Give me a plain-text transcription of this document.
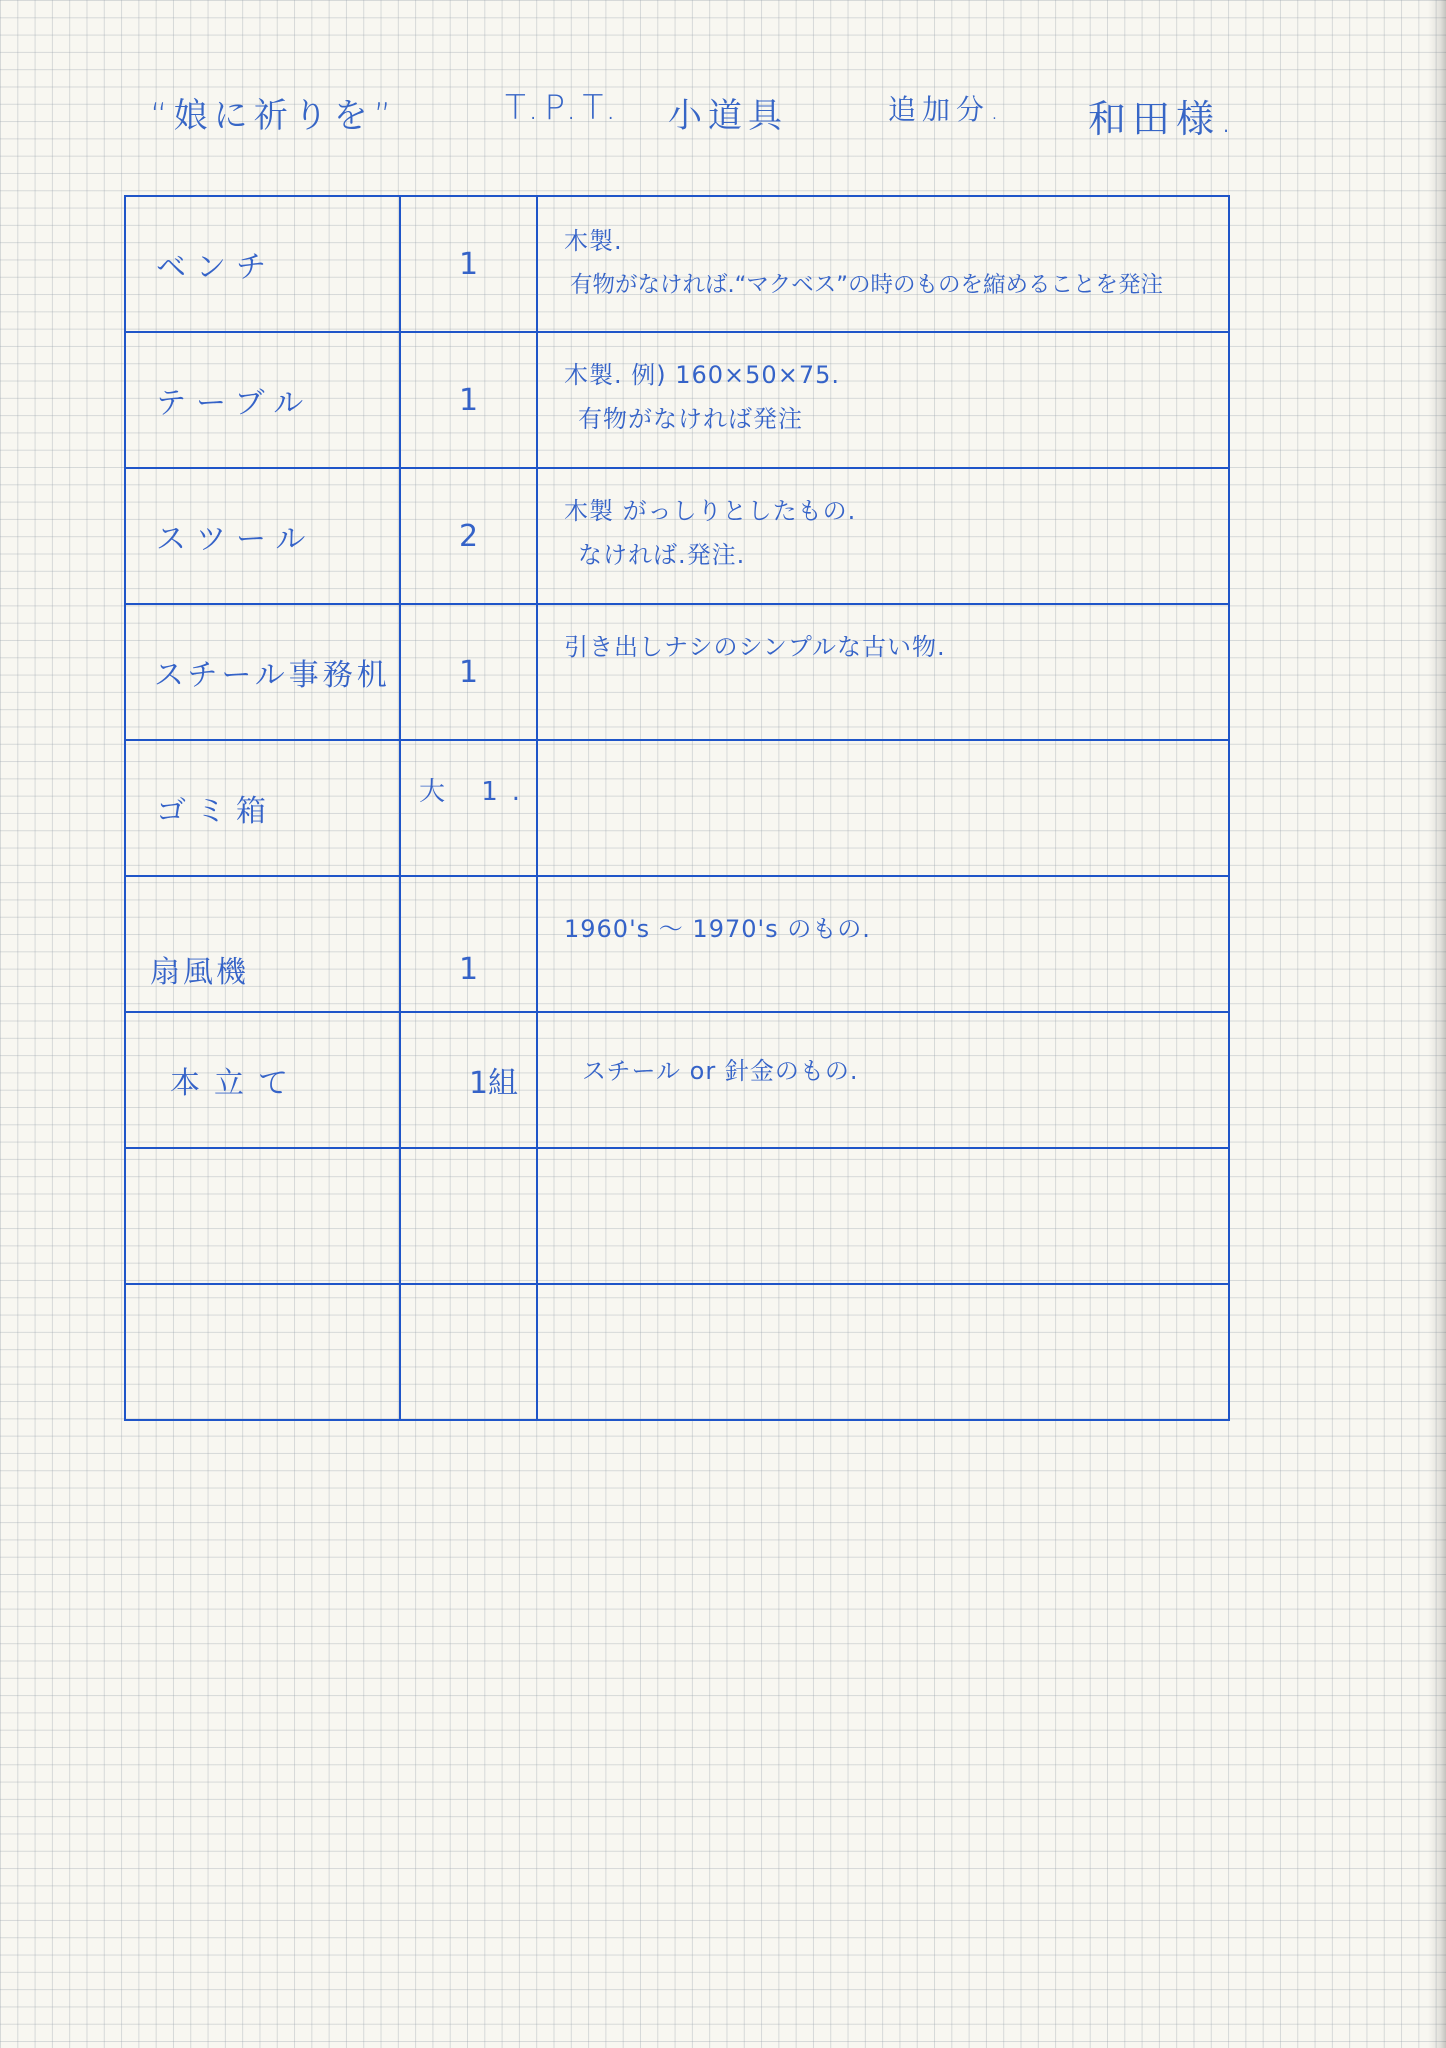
“娘に祈りを”	T.P.T. 小道具	追加分. 和田様.
ベンチ	1	木製.
有物がなければ.“マクベス”の時のものを縮めることを発注

テーブル	1	木製. 例) 160×50×75.
有物がなければ発注

スツール	2	木製 がっしりとしたもの.
なければ.発注.

スチール事務机	1	引き出しナシのシンプルな古い物.

ゴミ箱	大 1.	

扇風機	1	1960's 〜 1970's のもの.

本立て	1組	スチール or 針金のもの.
